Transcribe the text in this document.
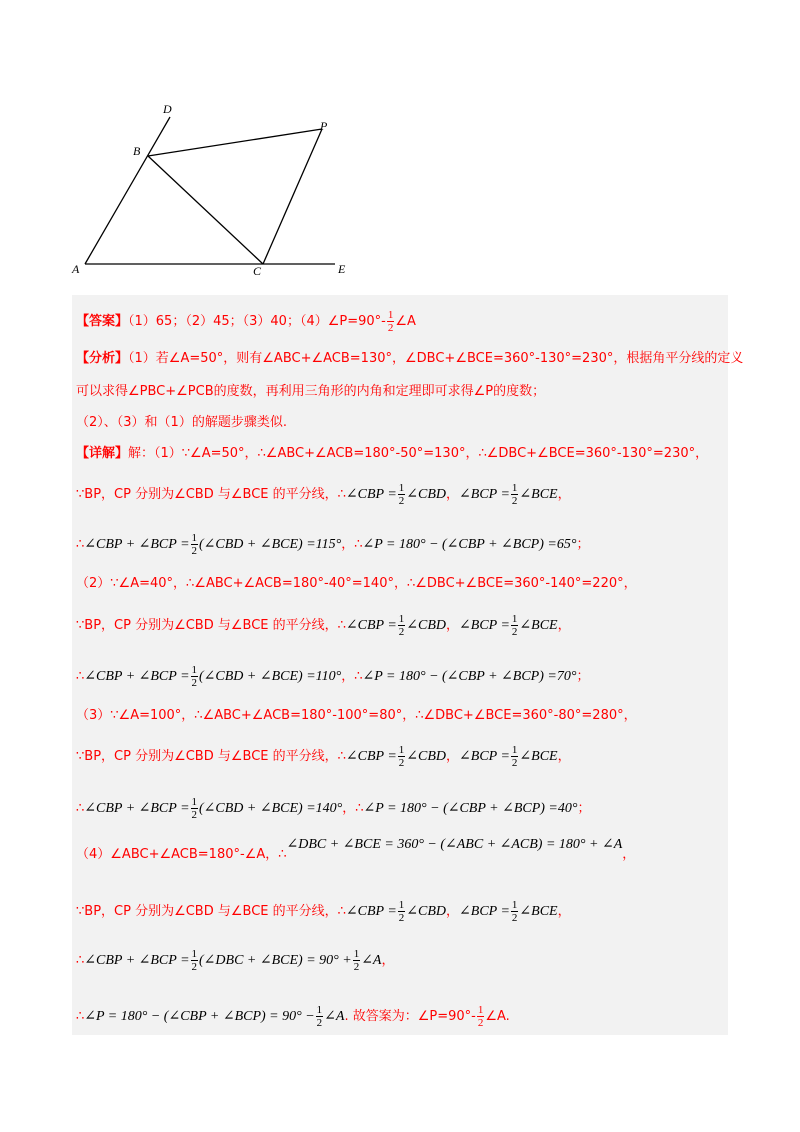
D
B
P
A	C	E
【答案】（1）65；（2）45；（3）40；（4）∠P=90°- $\frac{1}{2}$ ∠A
【分析】（1）若∠A=50°，则有∠ABC+∠ACB=130°，∠DBC+∠BCE=360°-130°=230°，根据角平分线的定义
可以求得∠PBC+∠PCB的度数，再利用三角形的内角和定理即可求得∠P的度数；
（2）、（3）和（1）的解题步骤类似.
【详解】解：（1）∵∠A=50°，∴∠ABC+∠ACB=180°-50°=130°，∴∠DBC+∠BCE=360°-130°=230°，
∵BP，CP 分别为∠CBD 与∠BCE 的平分线，∴∠CBP = $\frac{1}{2}$ ∠CBD，∠BCP = $\frac{1}{2}$ ∠BCE，
∴∠CBP + ∠BCP = $\frac{1}{2}$ (∠CBD + ∠BCE) =115°，∴∠P = 180° − (∠CBP + ∠BCP) =65°；
（2）∵∠A=40°，∴∠ABC+∠ACB=180°-40°=140°，∴∠DBC+∠BCE=360°-140°=220°，
∵BP，CP 分别为∠CBD 与∠BCE 的平分线，∴∠CBP = $\frac{1}{2}$ ∠CBD，∠BCP = $\frac{1}{2}$ ∠BCE，
∴∠CBP + ∠BCP = $\frac{1}{2}$ (∠CBD + ∠BCE) =110°，∴∠P = 180° − (∠CBP + ∠BCP) =70°；
（3）∵∠A=100°，∴∠ABC+∠ACB=180°-100°=80°，∴∠DBC+∠BCE=360°-80°=280°，
∵BP，CP 分别为∠CBD 与∠BCE 的平分线，∴∠CBP = $\frac{1}{2}$ ∠CBD，∠BCP = $\frac{1}{2}$ ∠BCE，
∴∠CBP + ∠BCP = $\frac{1}{2}$ (∠CBD + ∠BCE) =140°，∴∠P = 180° − (∠CBP + ∠BCP) =40°；
（4）∠ABC+∠ACB=180°-∠A，∴∠DBC + ∠BCE = 360° − (∠ABC + ∠ACB) = 180° + ∠A，
∵BP，CP 分别为∠CBD 与∠BCE 的平分线，∴∠CBP = $\frac{1}{2}$ ∠CBD，∠BCP = $\frac{1}{2}$ ∠BCE，
∴∠CBP + ∠BCP = $\frac{1}{2}$ (∠DBC + ∠BCE) = $90^\circ + \frac{1}{2}$ ∠A，
∴∠P = 180° − (∠CBP + ∠BCP) = $90^\circ - \frac{1}{2}$ ∠A. 故答案为：∠P=90°- $\frac{1}{2}$ ∠A.
